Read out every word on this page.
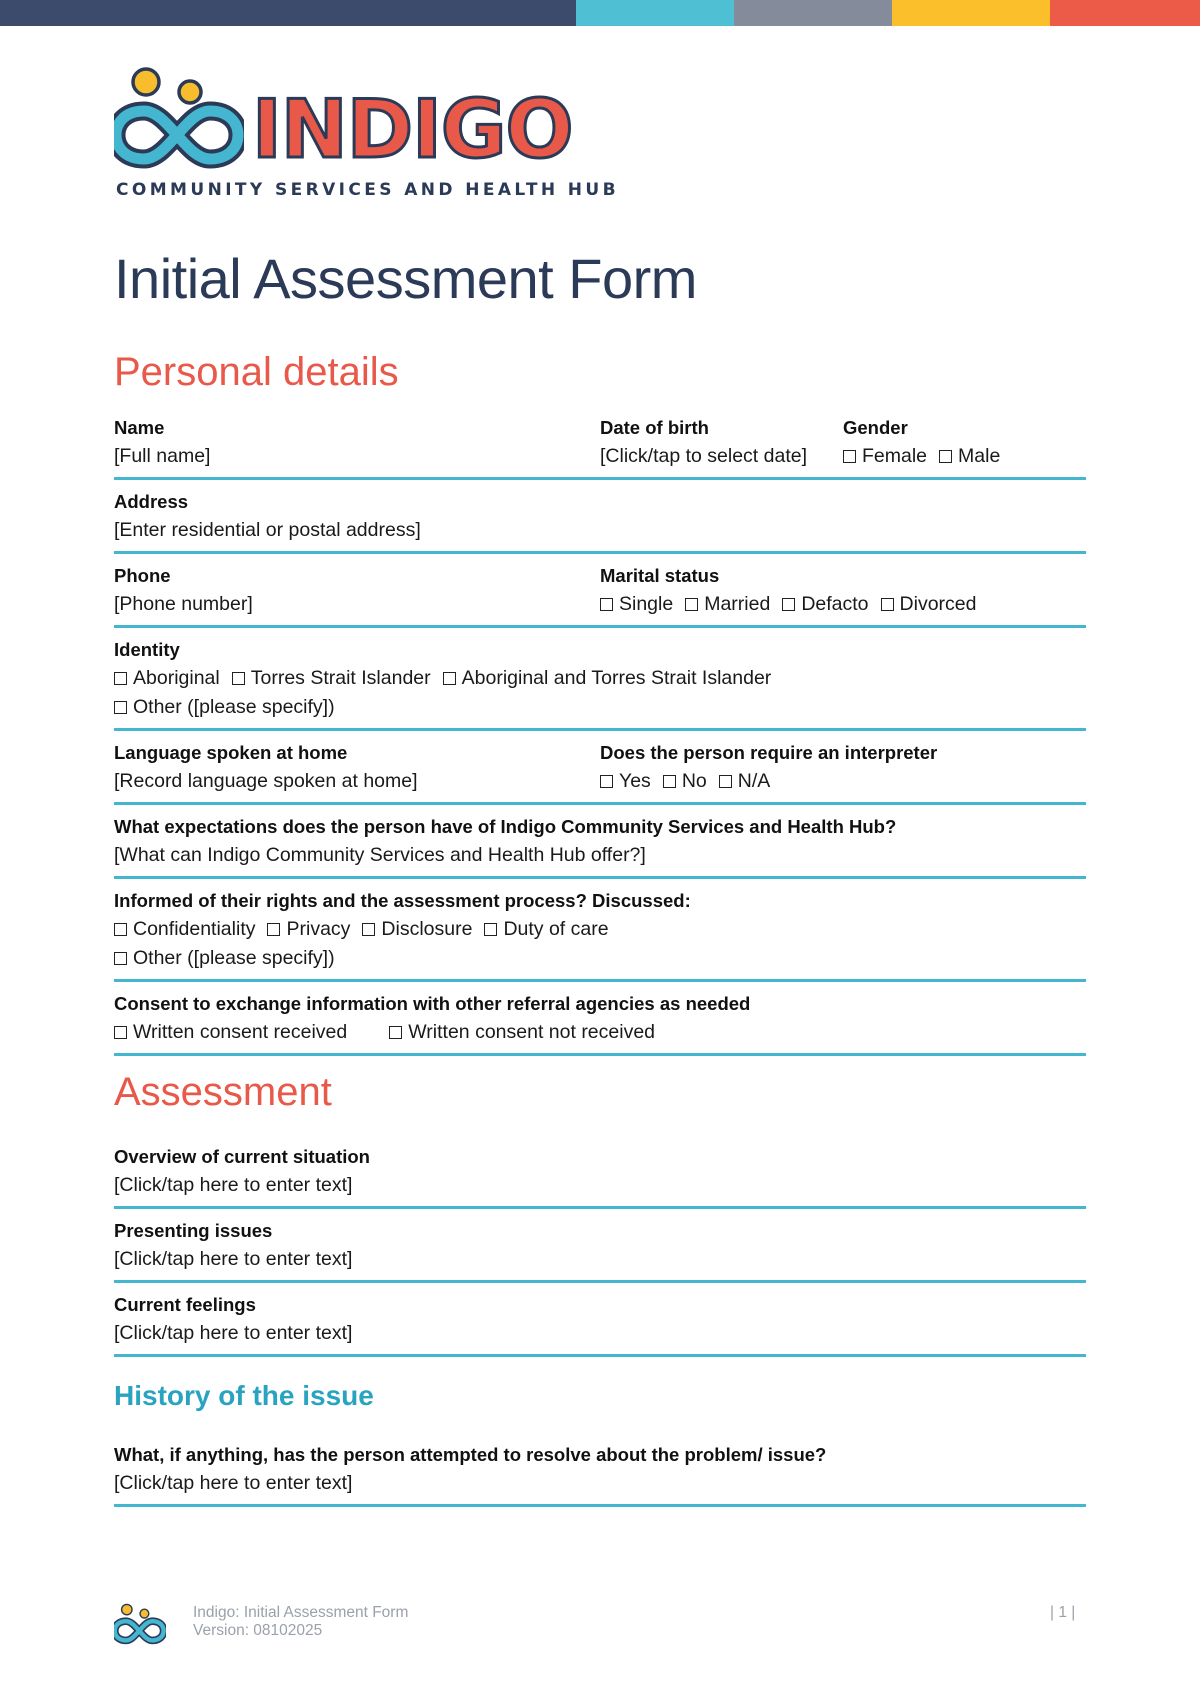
INDIGO
COMMUNITY SERVICES AND HEALTH HUB
Initial Assessment Form
Personal details
Name
[Full name]
Date of birth
[Click/tap to select date]
Gender
Female Male
Address
[Enter residential or postal address]
Phone
[Phone number]
Marital status
Single Married Defacto Divorced
Identity
Aboriginal Torres Strait Islander Aboriginal and Torres Strait Islander
Other ([please specify])
Language spoken at home
[Record language spoken at home]
Does the person require an interpreter
Yes No N/A
What expectations does the person have of Indigo Community Services and Health Hub?
[What can Indigo Community Services and Health Hub offer?]
Informed of their rights and the assessment process? Discussed:
Confidentiality Privacy Disclosure Duty of care
Other ([please specify])
Consent to exchange information with other referral agencies as needed
Written consent received	Written consent not received
Assessment
Overview of current situation
[Click/tap here to enter text]
Presenting issues
[Click/tap here to enter text]
Current feelings
[Click/tap here to enter text]
History of the issue
What, if anything, has the person attempted to resolve about the problem/ issue?
[Click/tap here to enter text]
Indigo: Initial Assessment Form
Version: 08102025
| 1 |
